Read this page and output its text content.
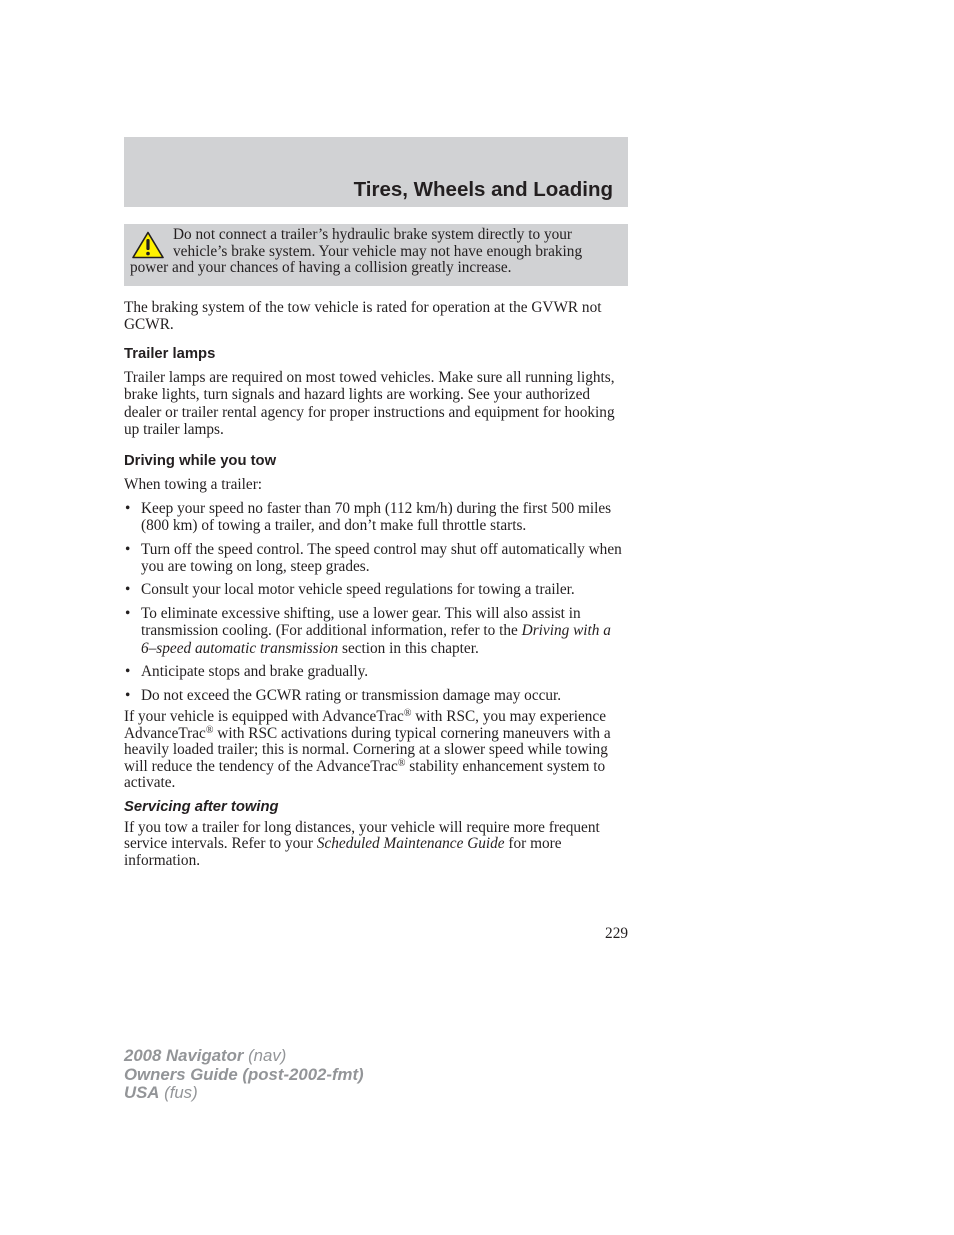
Tires, Wheels and Loading

Do not connect a trailer’s hydraulic brake system directly to your vehicle’s brake system. Your vehicle may not have enough braking power and your chances of having a collision greatly increase.

The braking system of the tow vehicle is rated for operation at the GVWR not GCWR.

Trailer lamps

Trailer lamps are required on most towed vehicles. Make sure all running lights, brake lights, turn signals and hazard lights are working. See your authorized dealer or trailer rental agency for proper instructions and equipment for hooking up trailer lamps.

Driving while you tow

When towing a trailer:

• Keep your speed no faster than 70 mph (112 km/h) during the first 500 miles (800 km) of towing a trailer, and don’t make full throttle starts.
• Turn off the speed control. The speed control may shut off automatically when you are towing on long, steep grades.
• Consult your local motor vehicle speed regulations for towing a trailer.
• To eliminate excessive shifting, use a lower gear. This will also assist in transmission cooling. (For additional information, refer to the Driving with a 6–speed automatic transmission section in this chapter.
• Anticipate stops and brake gradually.
• Do not exceed the GCWR rating or transmission damage may occur.

If your vehicle is equipped with AdvanceTrac® with RSC, you may experience AdvanceTrac® with RSC activations during typical cornering maneuvers with a heavily loaded trailer; this is normal. Cornering at a slower speed while towing will reduce the tendency of the AdvanceTrac® stability enhancement system to activate.

Servicing after towing

If you tow a trailer for long distances, your vehicle will require more frequent service intervals. Refer to your Scheduled Maintenance Guide for more information.

229
2008 Navigator (nav)
Owners Guide (post-2002-fmt)
USA (fus)
